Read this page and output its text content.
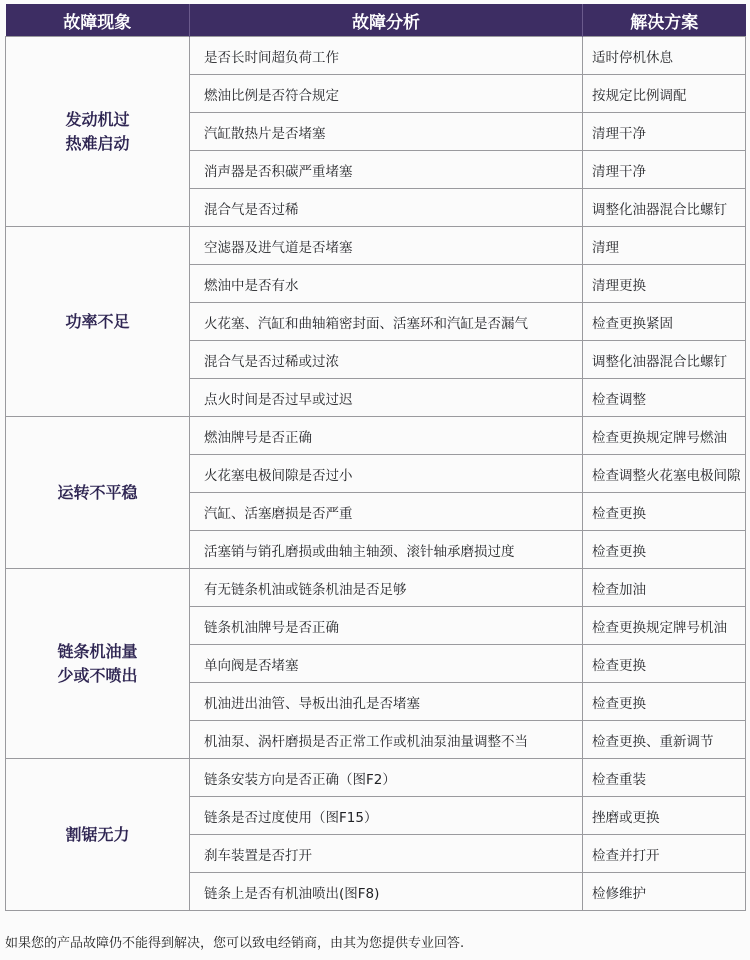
故障现象	故障分析	解决方案

发动机过
热难启动	是否长时间超负荷工作	适时停机休息
	燃油比例是否符合规定	按规定比例调配
	汽缸散热片是否堵塞	清理干净
	消声器是否积碳严重堵塞	清理干净
	混合气是否过稀	调整化油器混合比螺钉

功率不足	空滤器及进气道是否堵塞	清理
	燃油中是否有水	清理更换
	火花塞、汽缸和曲轴箱密封面、活塞环和汽缸是否漏气	检查更换紧固
	混合气是否过稀或过浓	调整化油器混合比螺钉
	点火时间是否过早或过迟	检查调整

运转不平稳	燃油牌号是否正确	检查更换规定牌号燃油
	火花塞电极间隙是否过小	检查调整火花塞电极间隙
	汽缸、活塞磨损是否严重	检查更换
	活塞销与销孔磨损或曲轴主轴颈、滚针轴承磨损过度	检查更换

链条机油量
少或不喷出	有无链条机油或链条机油是否足够	检查加油
	链条机油牌号是否正确	检查更换规定牌号机油
	单向阀是否堵塞	检查更换
	机油进出油管、导板出油孔是否堵塞	检查更换
	机油泵、涡杆磨损是否正常工作或机油泵油量调整不当	检查更换、重新调节

割锯无力	链条安装方向是否正确（图F2）	检查重装
	链条是否过度使用（图F15）	挫磨或更换
	刹车装置是否打开	检查并打开
	链条上是否有机油喷出(图F8)	检修维护
如果您的产品故障仍不能得到解决，您可以致电经销商，由其为您提供专业回答.
